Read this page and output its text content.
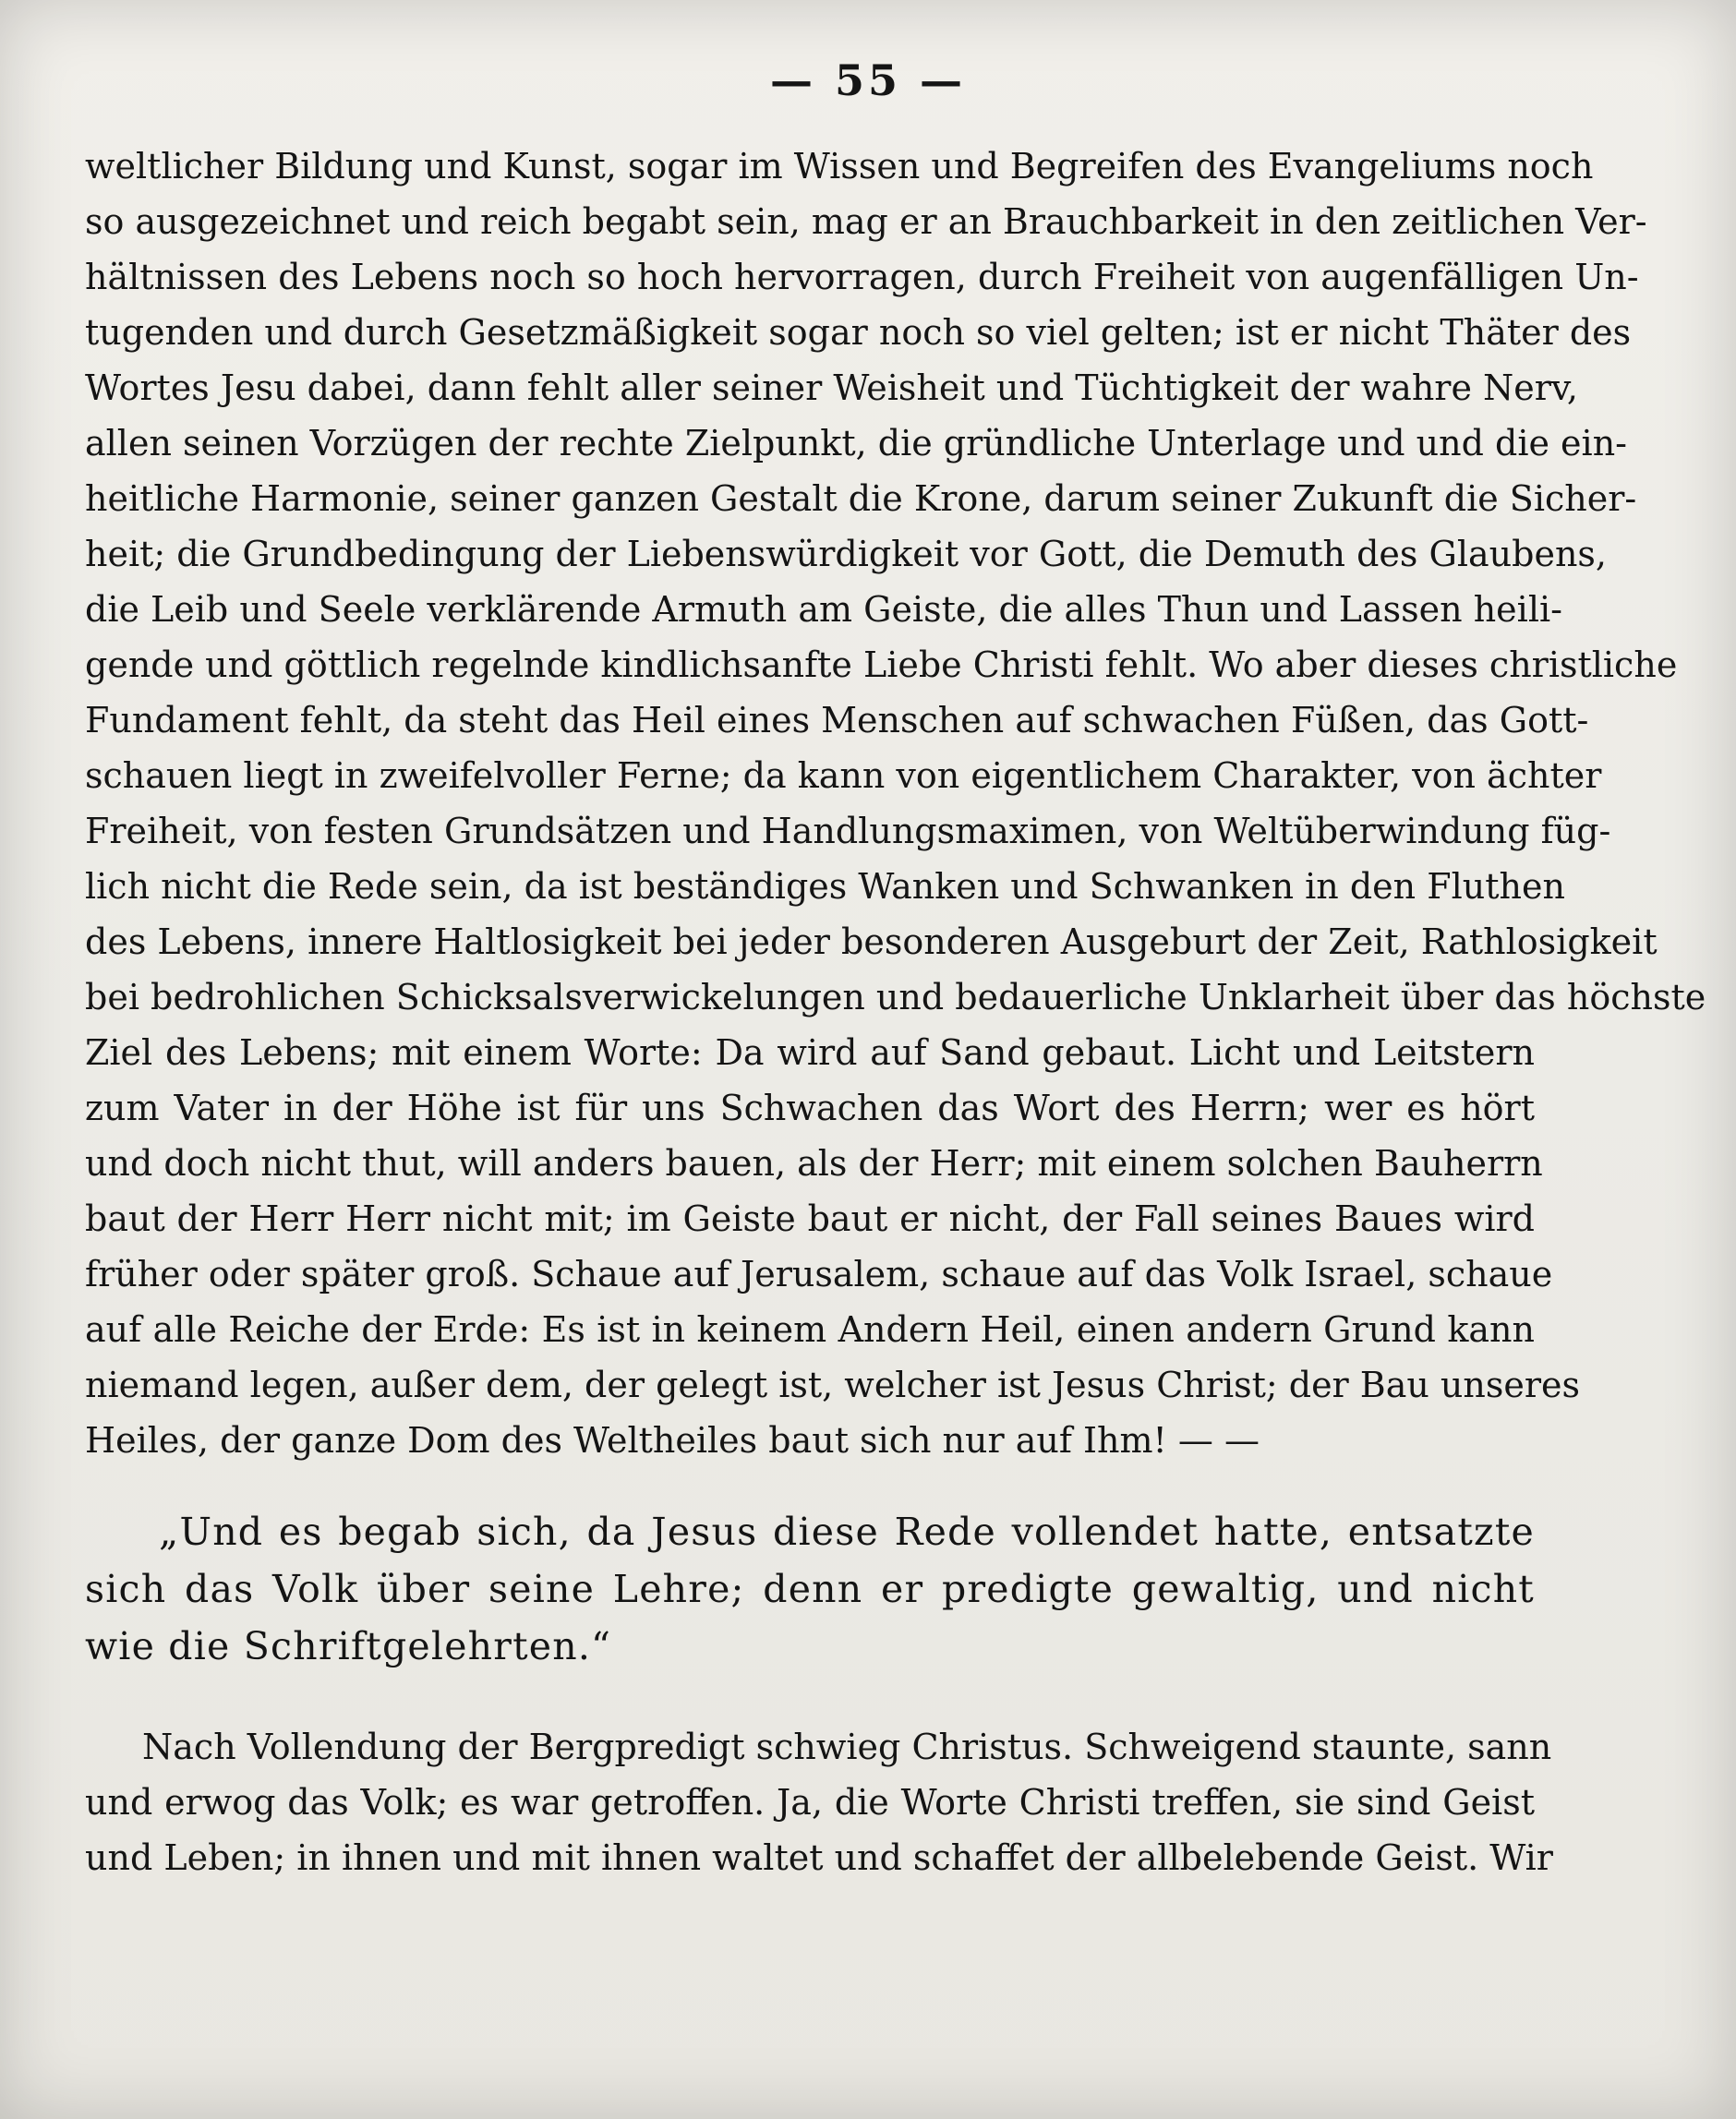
— 55 —
weltlicher Bildung und Kunst, sogar im Wissen und Begreifen des Evangeliums noch
so ausgezeichnet und reich begabt sein, mag er an Brauchbarkeit in den zeitlichen Ver-
hältnissen des Lebens noch so hoch hervorragen, durch Freiheit von augenfälligen Un-
tugenden und durch Gesetzmäßigkeit sogar noch so viel gelten; ist er nicht Thäter des
Wortes Jesu dabei, dann fehlt aller seiner Weisheit und Tüchtigkeit der wahre Nerv,
allen seinen Vorzügen der rechte Zielpunkt, die gründliche Unterlage und und die ein-
heitliche Harmonie, seiner ganzen Gestalt die Krone, darum seiner Zukunft die Sicher-
heit; die Grundbedingung der Liebenswürdigkeit vor Gott, die Demuth des Glaubens,
die Leib und Seele verklärende Armuth am Geiste, die alles Thun und Lassen heili-
gende und göttlich regelnde kindlichsanfte Liebe Christi fehlt. Wo aber dieses christliche
Fundament fehlt, da steht das Heil eines Menschen auf schwachen Füßen, das Gott-
schauen liegt in zweifelvoller Ferne; da kann von eigentlichem Charakter, von ächter
Freiheit, von festen Grundsätzen und Handlungsmaximen, von Weltüberwindung füg-
lich nicht die Rede sein, da ist beständiges Wanken und Schwanken in den Fluthen
des Lebens, innere Haltlosigkeit bei jeder besonderen Ausgeburt der Zeit, Rathlosigkeit
bei bedrohlichen Schicksalsverwickelungen und bedauerliche Unklarheit über das höchste
Ziel des Lebens; mit einem Worte: Da wird auf Sand gebaut. Licht und Leitstern
zum Vater in der Höhe ist für uns Schwachen das Wort des Herrn; wer es hört
und doch nicht thut, will anders bauen, als der Herr; mit einem solchen Bauherrn
baut der Herr Herr nicht mit; im Geiste baut er nicht, der Fall seines Baues wird
früher oder später groß. Schaue auf Jerusalem, schaue auf das Volk Israel, schaue
auf alle Reiche der Erde: Es ist in keinem Andern Heil, einen andern Grund kann
niemand legen, außer dem, der gelegt ist, welcher ist Jesus Christ; der Bau unseres
Heiles, der ganze Dom des Weltheiles baut sich nur auf Ihm! — —
„Und es begab sich, da Jesus diese Rede vollendet hatte, entsatzte
sich das Volk über seine Lehre; denn er predigte gewaltig, und nicht
wie die Schriftgelehrten.“
Nach Vollendung der Bergpredigt schwieg Christus. Schweigend staunte, sann
und erwog das Volk; es war getroffen. Ja, die Worte Christi treffen, sie sind Geist
und Leben; in ihnen und mit ihnen waltet und schaffet der allbelebende Geist. Wir
